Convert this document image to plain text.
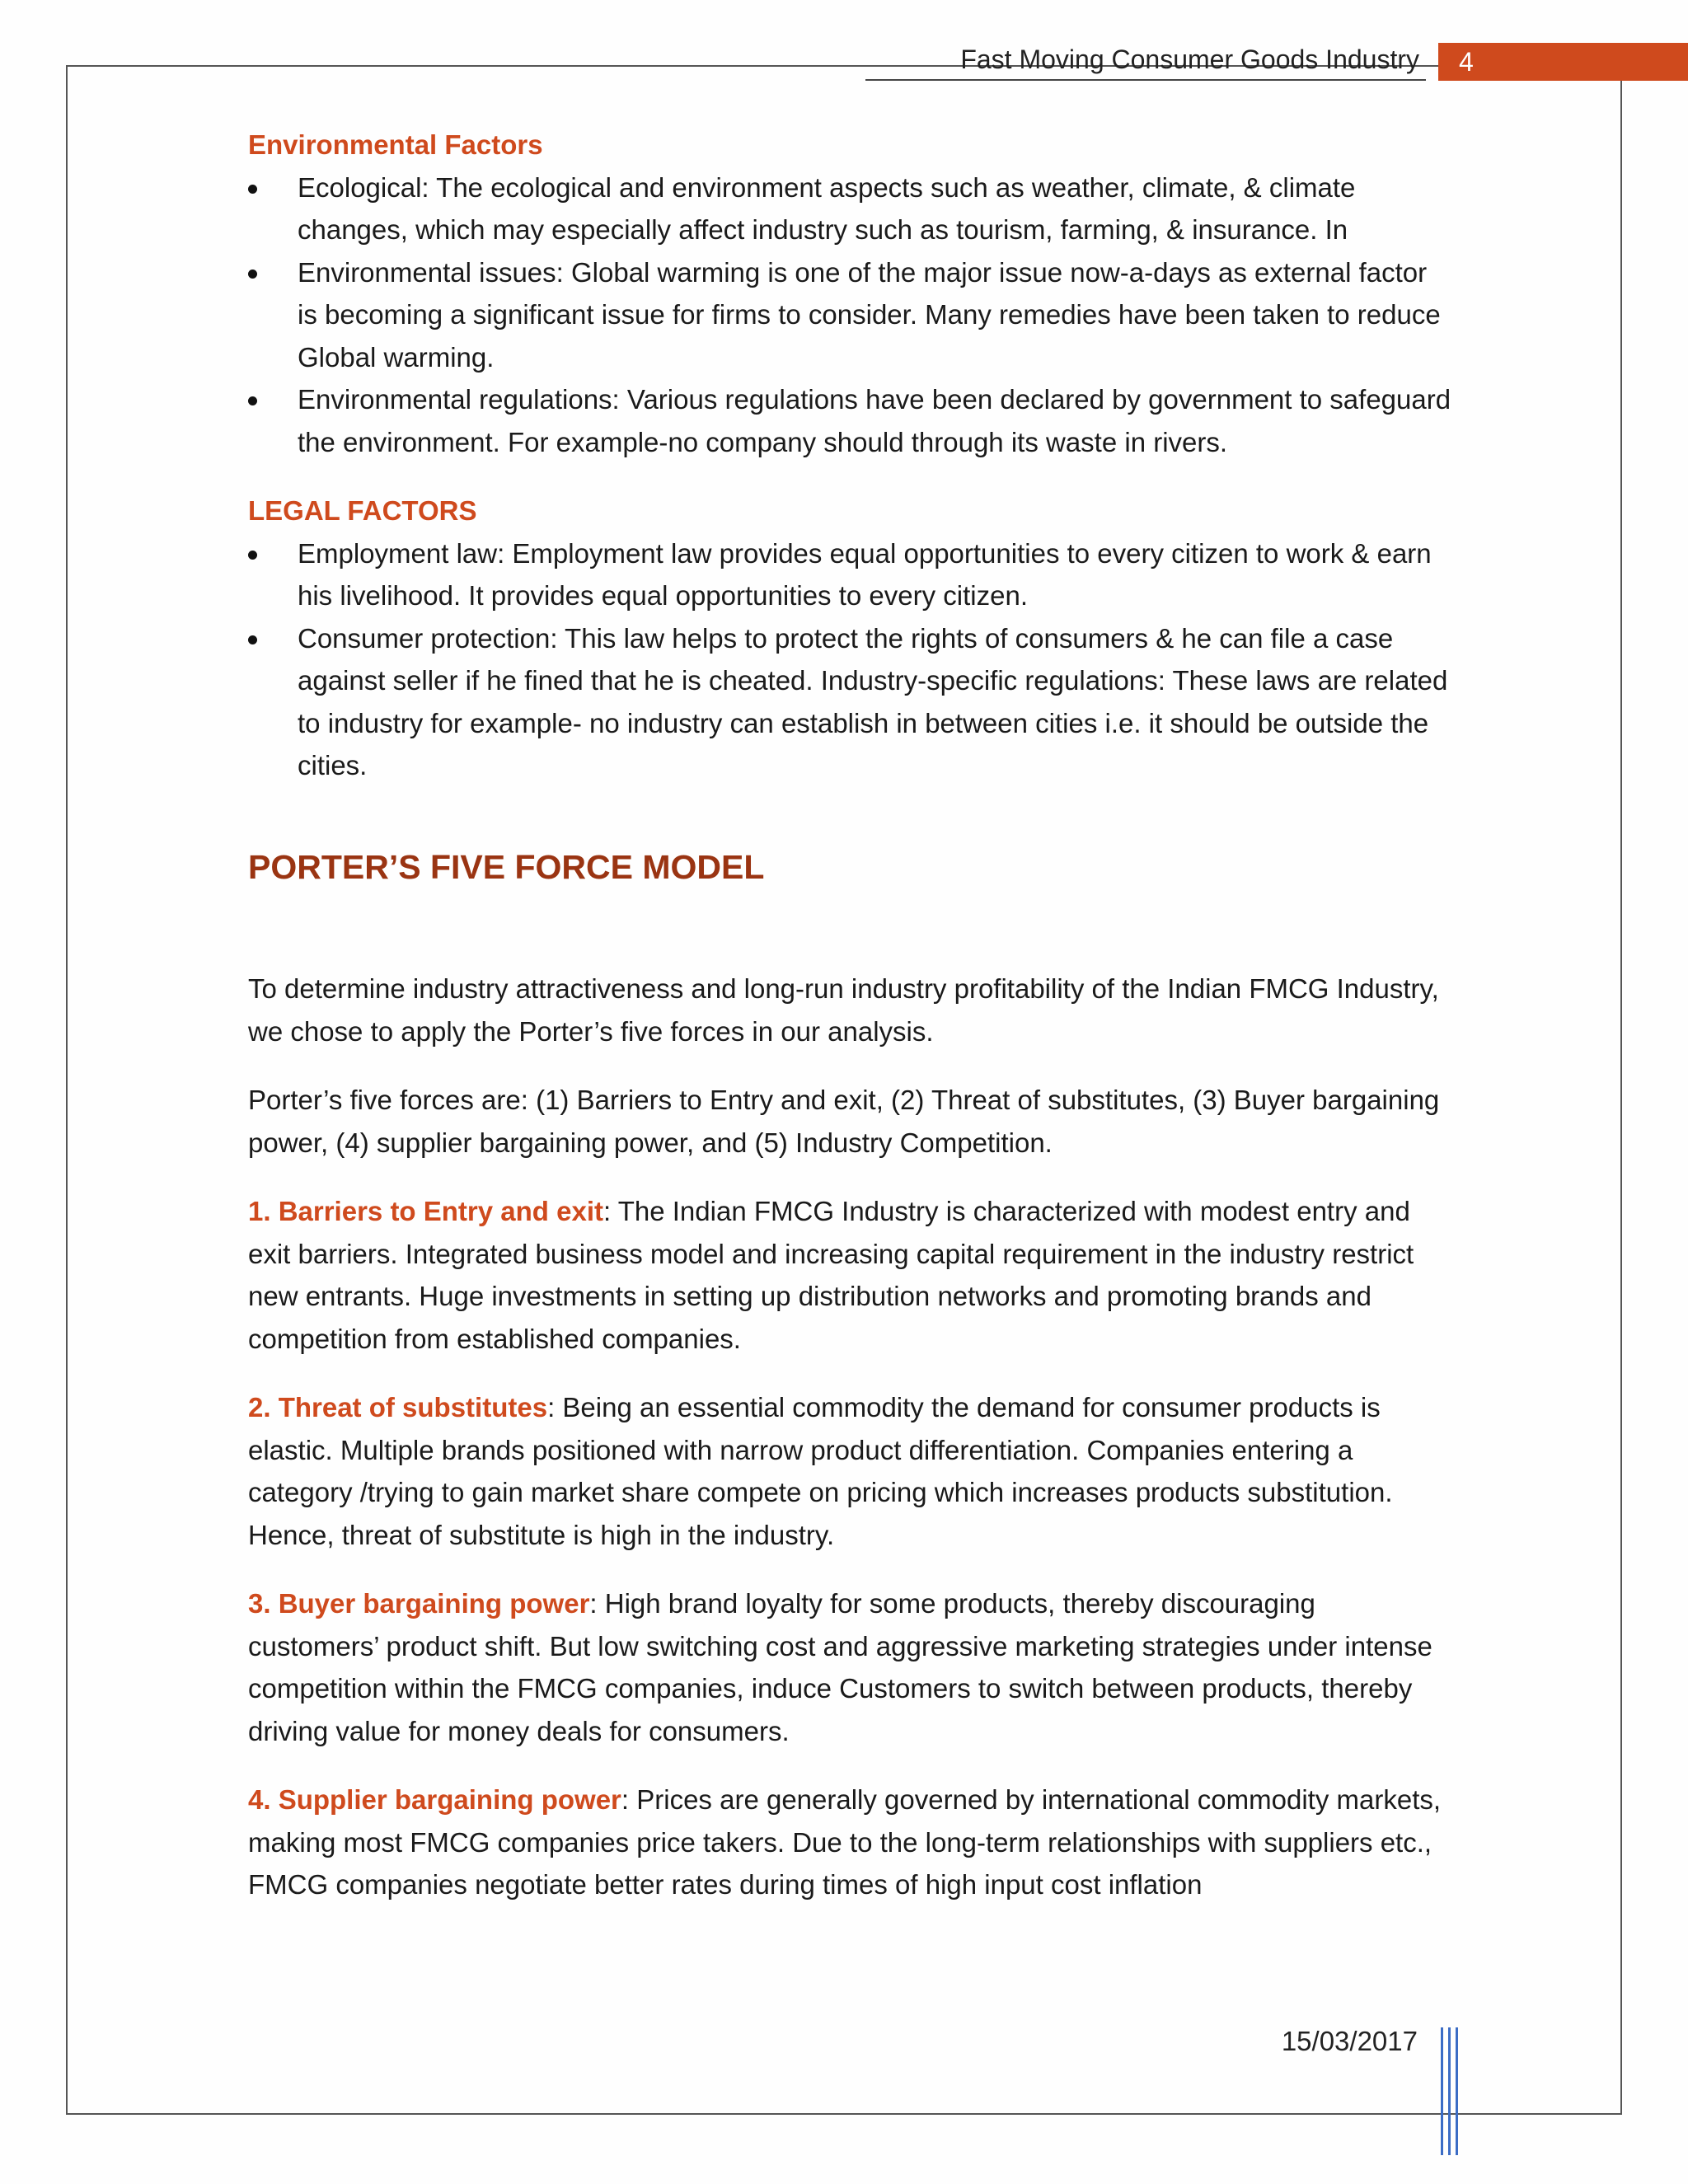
Fast Moving Consumer Goods Industry	4
Environmental Factors
Ecological: The ecological and environment aspects such as weather, climate, & climate changes, which may especially affect industry such as tourism, farming, & insurance. In
Environmental issues: Global warming is one of the major issue now-a-days as external factor is becoming a significant issue for firms to consider. Many remedies have been taken to reduce Global warming.
Environmental regulations: Various regulations have been declared by government to safeguard the environment. For example-no company should through its waste in rivers.
LEGAL FACTORS
Employment law: Employment law provides equal opportunities to every citizen to work & earn his livelihood. It provides equal opportunities to every citizen.
Consumer protection: This law helps to protect the rights of consumers & he can file a case against seller if he fined that he is cheated. Industry-specific regulations: These laws are related to industry for example- no industry can establish in between cities i.e. it should be outside the cities.
PORTER’S FIVE FORCE MODEL

To determine industry attractiveness and long-run industry profitability of the Indian FMCG Industry, we chose to apply the Porter’s five forces in our analysis.

Porter’s five forces are: (1) Barriers to Entry and exit, (2) Threat of substitutes, (3) Buyer bargaining power, (4) supplier bargaining power, and (5) Industry Competition.

1. Barriers to Entry and exit: The Indian FMCG Industry is characterized with modest entry and exit barriers. Integrated business model and increasing capital requirement in the industry restrict new entrants. Huge investments in setting up distribution networks and promoting brands and competition from established companies.

2. Threat of substitutes: Being an essential commodity the demand for consumer products is elastic. Multiple brands positioned with narrow product differentiation. Companies entering a category /trying to gain market share compete on pricing which increases products substitution. Hence, threat of substitute is high in the industry.

3. Buyer bargaining power: High brand loyalty for some products, thereby discouraging customers’ product shift. But low switching cost and aggressive marketing strategies under intense competition within the FMCG companies, induce Customers to switch between products, thereby driving value for money deals for consumers.

4. Supplier bargaining power: Prices are generally governed by international commodity markets, making most FMCG companies price takers. Due to the long-term relationships with suppliers etc., FMCG companies negotiate better rates during times of high input cost inflation

15/03/2017
